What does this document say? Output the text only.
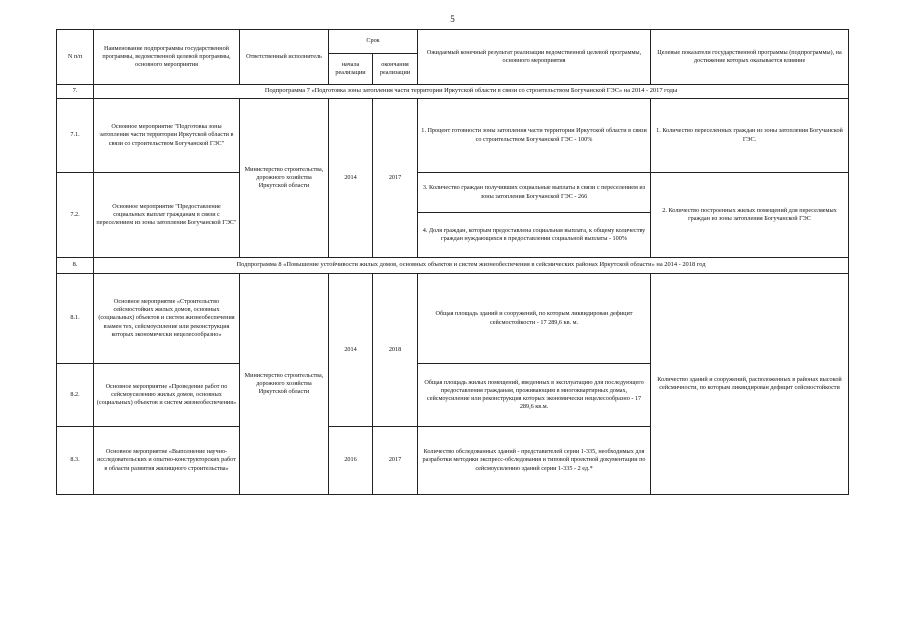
5
N п/п	Наименование подпрограммы государственной программы, ведомственной целевой программы, основного мероприятия	Ответственный исполнитель	Срок		Ожидаемый конечный результат реализации ведомственной целевой программы, основного мероприятия	Целевые показатели государственной программы (подпрограммы), на достижение которых оказывается влияние
			начала реализации	окончания реализации		
7.	Подпрограмма 7 «Подготовка зоны затопления части территории Иркутской области в связи со строительством Богучанской ГЭС» на 2014 - 2017 годы					
7.1.	Основное мероприятие "Подготовка зоны затопления части территории Иркутской области в связи со строительством Богучанской ГЭС"	Министерство строительства, дорожного хозяйства Иркутской области	2014	2017	1. Процент готовности зоны затопления части территории Иркутской области в связи со строительством Богучанской ГЭС - 100%	1. Количество переселенных граждан из зоны затопления Богучанской ГЭС.
7.2.	Основное мероприятие "Предоставление социальных выплат гражданам в связи с переселением из зоны затопления Богучанской ГЭС"				3. Количество граждан получивших социальные выплаты в связи с переселением из зоны затопления Богучанской ГЭС - 266	2. Количество построенных жилых помещений для переселяемых граждан из зоны затопления Богучанской ГЭС
					4. Доля граждан, которым предоставлена социальная выплата, к общему количеству граждан нуждающихся в предоставлении социальной выплаты - 100%	
8.	Подпрограмма 8 «Повышение устойчивости жилых домов, основных объектов и систем жизнеобеспечения в сейсмических районах Иркутской области» на 2014 - 2018 год					
8.1.	Основное мероприятие «Строительство сейсмостойких жилых домов, основных (социальных) объектов и систем жизнеобеспечения взамен тех, сейсмоусиление или реконструкция которых экономически нецелесообразно»	Министерство строительства, дорожного хозяйства Иркутской области	2014	2018	Общая площадь зданий и сооружений, по которым ликвидирован дефицит сейсмостойкости - 17 289,6 кв. м.	Количество зданий и сооружений, расположенных в районах высокой сейсмичности, по которым ликвидирован дефицит сейсмостойкости
8.2.	Основное мероприятие «Проведение работ по сейсмоусилению жилых домов, основных (социальных) объектов и систем жизнеобеспечения»				Общая площадь жилых помещений, введенных в эксплуатацию для последующего предоставления гражданам, проживающим в многоквартирных домах, сейсмоусиление или реконструкция которых экономически нецелесообразно - 17 289,6 кв.м.	
8.3.	Основное мероприятие «Выполнение научно-исследовательских и опытно-конструкторских работ в области развития жилищного строительства»		2016	2017	Количество обследованных зданий - представителей серии 1-335, необходимых для разработки методики экспресс-обследования и типовой проектной документации по сейсмоусилению зданий серии 1-335 - 2 ед.*	
